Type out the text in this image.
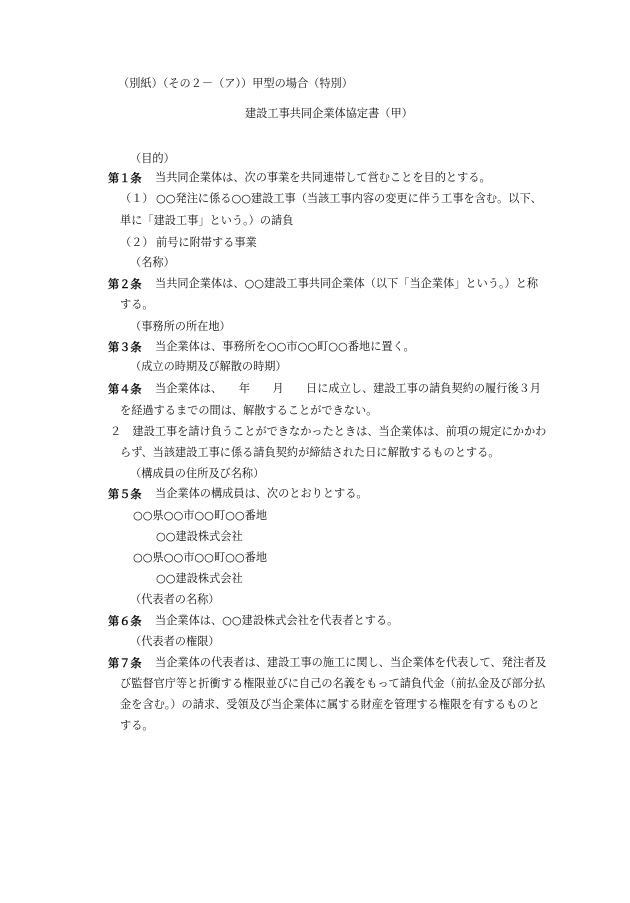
（別紙）（その２－（ア））甲型の場合（特別）
建設工事共同企業体協定書（甲）
（目的）
第１条 当共同企業体は、次の事業を共同連帯して営むことを目的とする。
（１） ○○発注に係る○○建設工事（当該工事内容の変更に伴う工事を含む。以下、
単に「建設工事」という。）の請負
（２） 前号に附帯する事業
（名称）
第２条 当共同企業体は、○○建設工事共同企業体（以下「当企業体」という。）と称
する。
（事務所の所在地）
第３条 当企業体は、事務所を○○市○○町○○番地に置く。
（成立の時期及び解散の時期）
第４条 当企業体は、　　年　　月　　日に成立し、建設工事の請負契約の履行後３月
を経過するまでの間は、解散することができない。
２　建設工事を請け負うことができなかったときは、当企業体は、前項の規定にかかわ
らず、当該建設工事に係る請負契約が締結された日に解散するものとする。
（構成員の住所及び名称）
第５条 当企業体の構成員は、次のとおりとする。
○○県○○市○○町○○番地
○○建設株式会社
○○県○○市○○町○○番地
○○建設株式会社
（代表者の名称）
第６条 当企業体は、○○建設株式会社を代表者とする。
（代表者の権限）
第７条 当企業体の代表者は、建設工事の施工に関し、当企業体を代表して、発注者及
び監督官庁等と折衝する権限並びに自己の名義をもって請負代金（前払金及び部分払
金を含む。）の請求、受領及び当企業体に属する財産を管理する権限を有するものと
する。
